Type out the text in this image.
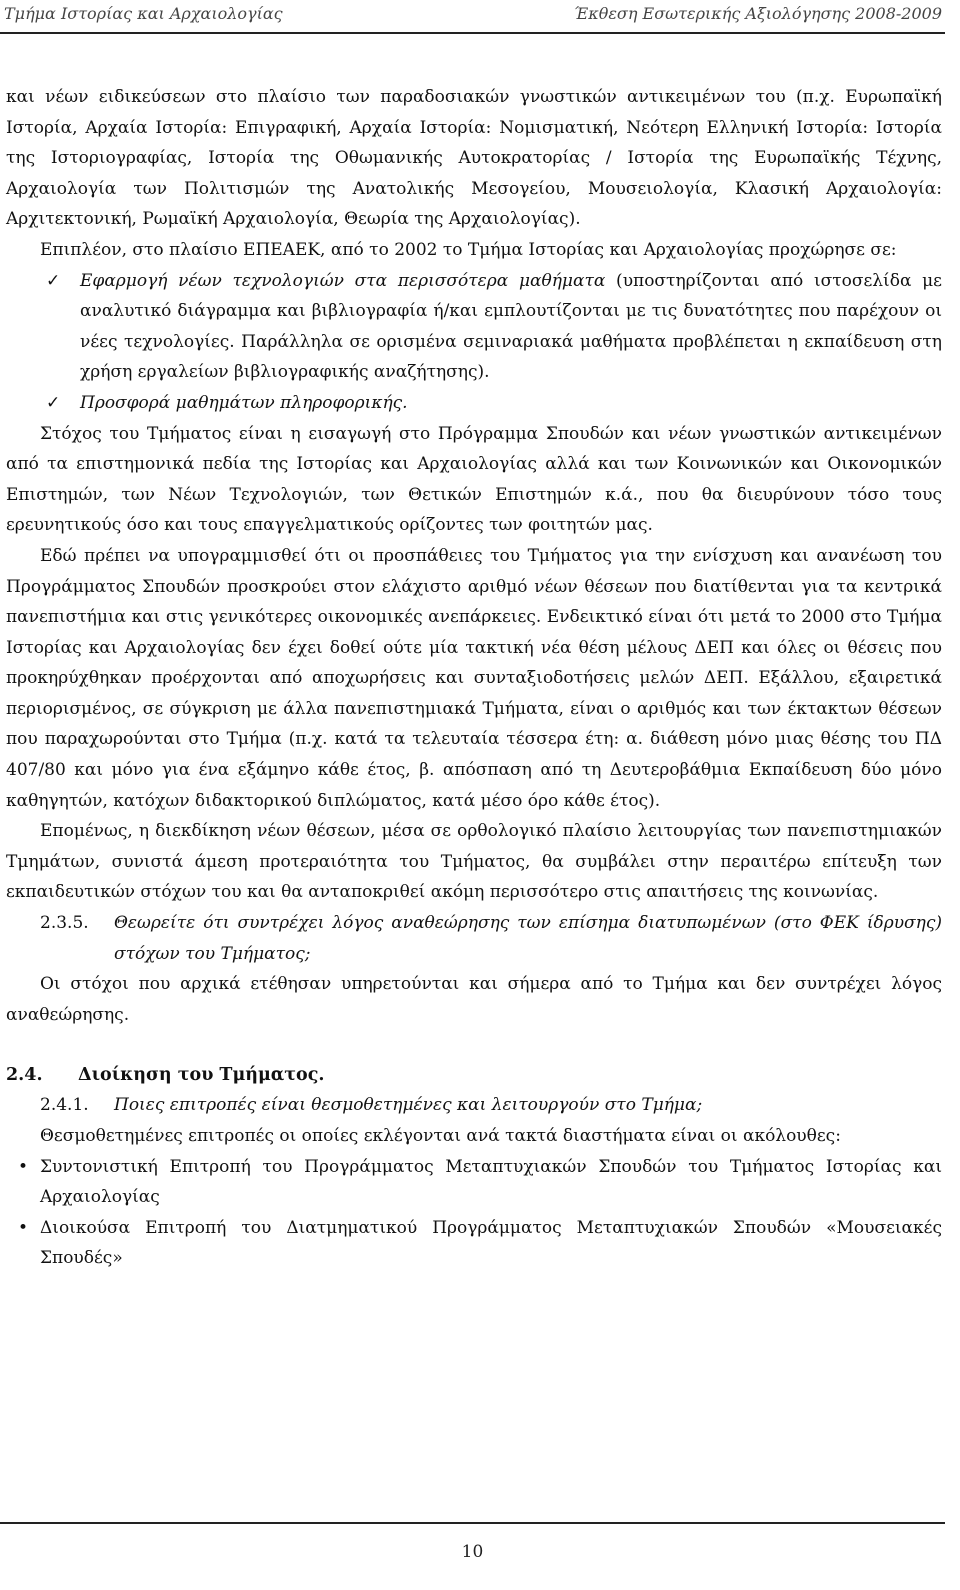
Τμήμα Ιστορίας και Αρχαιολογίας	Έκθεση Εσωτερικής Αξιολόγησης 2008-2009

και νέων ειδικεύσεων στο πλαίσιο των παραδοσιακών γνωστικών αντικειμένων του (π.χ. Ευρωπαϊκή Ιστορία, Αρχαία Ιστορία: Επιγραφική, Αρχαία Ιστορία: Νομισματική, Νεότερη Ελληνική Ιστορία: Ιστορία της Ιστοριογραφίας, Ιστορία της Οθωμανικής Αυτοκρατορίας / Ιστορία της Ευρωπαϊκής Τέχνης, Αρχαιολογία των Πολιτισμών της Ανατολικής Μεσογείου, Μουσειολογία, Κλασική Αρχαιολογία: Αρχιτεκτονική, Ρωμαϊκή Αρχαιολογία, Θεωρία της Αρχαιολογίας).

Επιπλέον, στο πλαίσιο ΕΠΕΑΕΚ, από το 2002 το Τμήμα Ιστορίας και Αρχαιολογίας προχώρησε σε:

✓ Εφαρμογή νέων τεχνολογιών στα περισσότερα μαθήματα (υποστηρίζονται από ιστοσελίδα με αναλυτικό διάγραμμα και βιβλιογραφία ή/και εμπλουτίζονται με τις δυνατότητες που παρέχουν οι νέες τεχνολογίες. Παράλληλα σε ορισμένα σεμιναριακά μαθήματα προβλέπεται η εκπαίδευση στη χρήση εργαλείων βιβλιογραφικής αναζήτησης).

✓ Προσφορά μαθημάτων πληροφορικής.

Στόχος του Τμήματος είναι η εισαγωγή στο Πρόγραμμα Σπουδών και νέων γνωστικών αντικειμένων από τα επιστημονικά πεδία της Ιστορίας και Αρχαιολογίας αλλά και των Κοινωνικών και Οικονομικών Επιστημών, των Νέων Τεχνολογιών, των Θετικών Επιστημών κ.ά., που θα διευρύνουν τόσο τους ερευνητικούς όσο και τους επαγγελματικούς ορίζοντες των φοιτητών μας.

Εδώ πρέπει να υπογραμμισθεί ότι οι προσπάθειες του Τμήματος για την ενίσχυση και ανανέωση του Προγράμματος Σπουδών προσκρούει στον ελάχιστο αριθμό νέων θέσεων που διατίθενται για τα κεντρικά πανεπιστήμια και στις γενικότερες οικονομικές ανεπάρκειες. Ενδεικτικό είναι ότι μετά το 2000 στο Τμήμα Ιστορίας και Αρχαιολογίας δεν έχει δοθεί ούτε μία τακτική νέα θέση μέλους ΔΕΠ και όλες οι θέσεις που προκηρύχθηκαν προέρχονται από αποχωρήσεις και συνταξιοδοτήσεις μελών ΔΕΠ. Εξάλλου, εξαιρετικά περιορισμένος, σε σύγκριση με άλλα πανεπιστημιακά Τμήματα, είναι ο αριθμός και των έκτακτων θέσεων που παραχωρούνται στο Τμήμα (π.χ. κατά τα τελευταία τέσσερα έτη: α. διάθεση μόνο μιας θέσης του ΠΔ 407/80 και μόνο για ένα εξάμηνο κάθε έτος, β. απόσπαση από τη Δευτεροβάθμια Εκπαίδευση δύο μόνο καθηγητών, κατόχων διδακτορικού διπλώματος, κατά μέσο όρο κάθε έτος).

Επομένως, η διεκδίκηση νέων θέσεων, μέσα σε ορθολογικό πλαίσιο λειτουργίας των πανεπιστημιακών Τμημάτων, συνιστά άμεση προτεραιότητα του Τμήματος, θα συμβάλει στην περαιτέρω επίτευξη των εκπαιδευτικών στόχων του και θα ανταποκριθεί ακόμη περισσότερο στις απαιτήσεις της κοινωνίας.

2.3.5. Θεωρείτε ότι συντρέχει λόγος αναθεώρησης των επίσημα διατυπωμένων (στο ΦΕΚ ίδρυσης) στόχων του Τμήματος;

Οι στόχοι που αρχικά ετέθησαν υπηρετούνται και σήμερα από το Τμήμα και δεν συντρέχει λόγος αναθεώρησης.

2.4. Διοίκηση του Τμήματος.

2.4.1. Ποιες επιτροπές είναι θεσμοθετημένες και λειτουργούν στο Τμήμα;

Θεσμοθετημένες επιτροπές οι οποίες εκλέγονται ανά τακτά διαστήματα είναι οι ακόλουθες:

• Συντονιστική Επιτροπή του Προγράμματος Μεταπτυχιακών Σπουδών του Τμήματος Ιστορίας και Αρχαιολογίας
• Διοικούσα Επιτροπή του Διατμηματικού Προγράμματος Μεταπτυχιακών Σπουδών «Μουσειακές Σπουδές»
10
